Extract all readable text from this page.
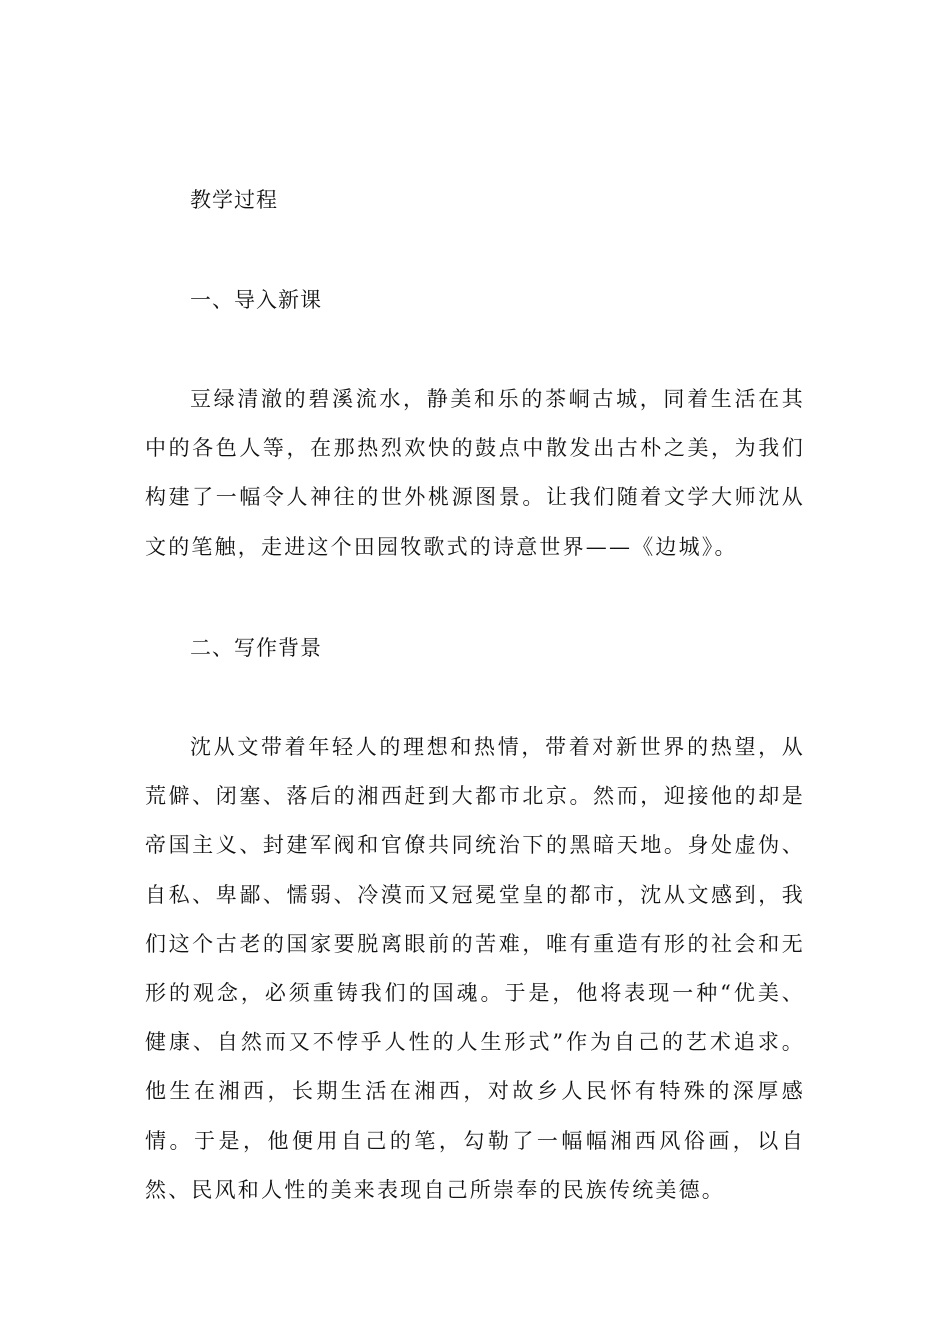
教学过程
一、导入新课

豆绿清澈的碧溪流水，静美和乐的茶峒古城，同着生活在其中的各色人等，在那热烈欢快的鼓点中散发出古朴之美，为我们构建了一幅令人神往的世外桃源图景。让我们随着文学大师沈从文的笔触，走进这个田园牧歌式的诗意世界——《边城》。

二、写作背景

沈从文带着年轻人的理想和热情，带着对新世界的热望，从荒僻、闭塞、落后的湘西赶到大都市北京。然而，迎接他的却是帝国主义、封建军阀和官僚共同统治下的黑暗天地。身处虚伪、自私、卑鄙、懦弱、冷漠而又冠冕堂皇的都市，沈从文感到，我们这个古老的国家要脱离眼前的苦难，唯有重造有形的社会和无形的观念，必须重铸我们的国魂。于是，他将表现一种“优美、健康、自然而又不悖乎人性的人生形式”作为自己的艺术追求。他生在湘西，长期生活在湘西，对故乡人民怀有特殊的深厚感情。于是，他便用自己的笔，勾勒了一幅幅湘西风俗画，以自然、民风和人性的美来表现自己所崇奉的民族传统美德。
